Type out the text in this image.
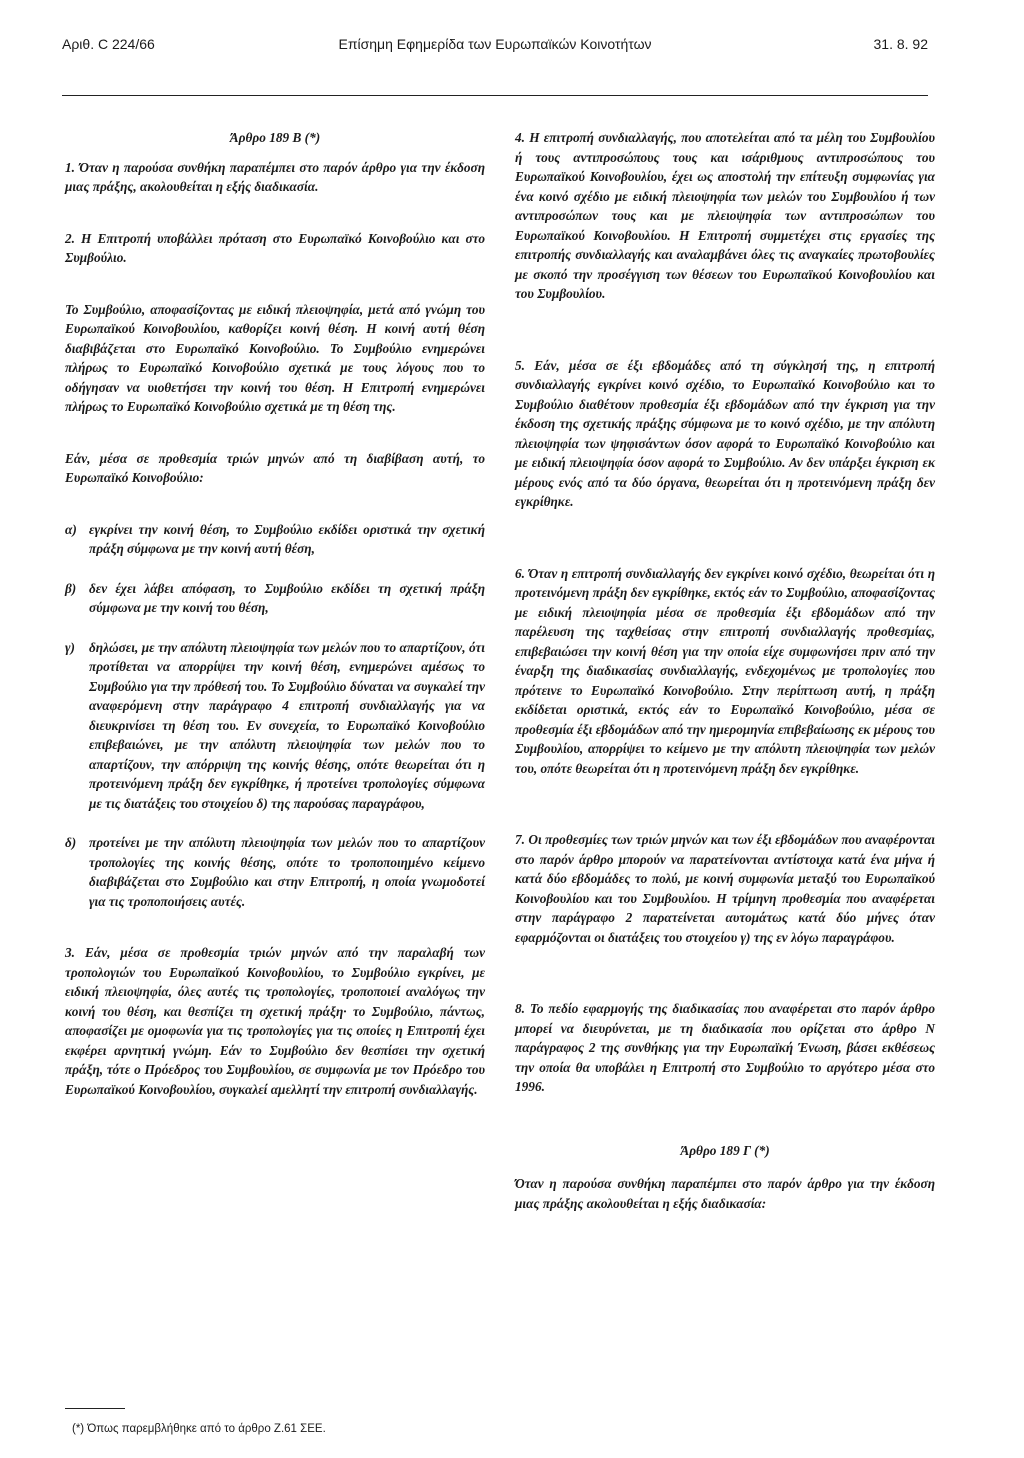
Αριθ. C 224/66	Επίσημη Εφημερίδα των Ευρωπαϊκών Κοινοτήτων	31. 8. 92

Άρθρο 189 Β (*)

1. Όταν η παρούσα συνθήκη παραπέμπει στο παρόν άρθρο για την έκδοση μιας πράξης, ακολουθείται η εξής διαδικασία.

2. Η Επιτροπή υποβάλλει πρόταση στο Ευρωπαϊκό Κοινοβούλιο και στο Συμβούλιο.

Το Συμβούλιο, αποφασίζοντας με ειδική πλειοψηφία, μετά από γνώμη του Ευρωπαϊκού Κοινοβουλίου, καθορίζει κοινή θέση. Η κοινή αυτή θέση διαβιβάζεται στο Ευρωπαϊκό Κοινοβούλιο. Το Συμβούλιο ενημερώνει πλήρως το Ευρωπαϊκό Κοινοβούλιο σχετικά με τους λόγους που το οδήγησαν να υιοθετήσει την κοινή του θέση. Η Επιτροπή ενημερώνει πλήρως το Ευρωπαϊκό Κοινοβούλιο σχετικά με τη θέση της.

Εάν, μέσα σε προθεσμία τριών μηνών από τη διαβίβαση αυτή, το Ευρωπαϊκό Κοινοβούλιο:

α) εγκρίνει την κοινή θέση, το Συμβούλιο εκδίδει οριστικά την σχετική πράξη σύμφωνα με την κοινή αυτή θέση,
β) δεν έχει λάβει απόφαση, το Συμβούλιο εκδίδει τη σχετική πράξη σύμφωνα με την κοινή του θέση,
γ)	δηλώσει, με την απόλυτη πλειοψηφία των μελών που το απαρτίζουν, ότι προτίθεται να απορρίψει την κοινή θέση, ενημερώνει αμέσως το Συμβούλιο για την πρόθεσή του. Το Συμβούλιο δύναται να συγκαλεί την αναφερόμενη στην παράγραφο 4 επιτροπή συνδιαλλαγής για να διευκρινίσει τη θέση του. Εν συνεχεία, το Ευρωπαϊκό Κοινοβούλιο επιβεβαιώνει, με την απόλυτη πλειοψηφία των μελών που το απαρτίζουν, την απόρριψη της κοινής θέσης, οπότε θεωρείται ότι η προτεινόμενη πράξη δεν εγκρίθηκε, ή προτείνει τροπολογίες σύμφωνα με τις διατάξεις του στοιχείου δ) της παρούσας παραγράφου,
δ) προτείνει με την απόλυτη πλειοψηφία των μελών που το απαρτίζουν τροπολογίες της κοινής θέσης, οπότε το τροποποιημένο κείμενο διαβιβάζεται στο Συμβούλιο και στην Επιτροπή, η οποία γνωμοδοτεί για τις τροποποιήσεις αυτές.

3. Εάν, μέσα σε προθεσμία τριών μηνών από την παραλαβή των τροπολογιών του Ευρωπαϊκού Κοινοβουλίου, το Συμβούλιο εγκρίνει, με ειδική πλειοψηφία, όλες αυτές τις τροπολογίες, τροποποιεί αναλόγως την κοινή του θέση, και θεσπίζει τη σχετική πράξη· το Συμβούλιο, πάντως, αποφασίζει με ομοφωνία για τις τροπολογίες για τις οποίες η Επιτροπή έχει εκφέρει αρνητική γνώμη. Εάν το Συμβούλιο δεν θεσπίσει την σχετική πράξη, τότε ο Πρόεδρος του Συμβουλίου, σε συμφωνία με τον Πρόεδρο του Ευρωπαϊκού Κοινοβουλίου, συγκαλεί αμελλητί την επιτροπή συνδιαλλαγής.

4. Η επιτροπή συνδιαλλαγής, που αποτελείται από τα μέλη του Συμβουλίου ή τους αντιπροσώπους τους και ισάριθμους αντιπροσώπους του Ευρωπαϊκού Κοινοβουλίου, έχει ως αποστολή την επίτευξη συμφωνίας για ένα κοινό σχέδιο με ειδική πλειοψηφία των μελών του Συμβουλίου ή των αντιπροσώπων τους και με πλειοψηφία των αντιπροσώπων του Ευρωπαϊκού Κοινοβουλίου. Η Επιτροπή συμμετέχει στις εργασίες της επιτροπής συνδιαλλαγής και αναλαμβάνει όλες τις αναγκαίες πρωτοβουλίες με σκοπό την προσέγγιση των θέσεων του Ευρωπαϊκού Κοινοβουλίου και του Συμβουλίου.

5. Εάν, μέσα σε έξι εβδομάδες από τη σύγκλησή της, η επιτροπή συνδιαλλαγής εγκρίνει κοινό σχέδιο, το Ευρωπαϊκό Κοινοβούλιο και το Συμβούλιο διαθέτουν προθεσμία έξι εβδομάδων από την έγκριση για την έκδοση της σχετικής πράξης σύμφωνα με το κοινό σχέδιο, με την απόλυτη πλειοψηφία των ψηφισάντων όσον αφορά το Ευρωπαϊκό Κοινοβούλιο και με ειδική πλειοψηφία όσον αφορά το Συμβούλιο. Αν δεν υπάρξει έγκριση εκ μέρους ενός από τα δύο όργανα, θεωρείται ότι η προτεινόμενη πράξη δεν εγκρίθηκε.

6. Όταν η επιτροπή συνδιαλλαγής δεν εγκρίνει κοινό σχέδιο, θεωρείται ότι η προτεινόμενη πράξη δεν εγκρίθηκε, εκτός εάν το Συμβούλιο, αποφασίζοντας με ειδική πλειοψηφία μέσα σε προθεσμία έξι εβδομάδων από την παρέλευση της ταχθείσας στην επιτροπή συνδιαλλαγής προθεσμίας, επιβεβαιώσει την κοινή θέση για την οποία είχε συμφωνήσει πριν από την έναρξη της διαδικασίας συνδιαλλαγής, ενδεχομένως με τροπολογίες που πρότεινε το Ευρωπαϊκό Κοινοβούλιο. Στην περίπτωση αυτή, η πράξη εκδίδεται οριστικά, εκτός εάν το Ευρωπαϊκό Κοινοβούλιο, μέσα σε προθεσμία έξι εβδομάδων από την ημερομηνία επιβεβαίωσης εκ μέρους του Συμβουλίου, απορρίψει το κείμενο με την απόλυτη πλειοψηφία των μελών του, οπότε θεωρείται ότι η προτεινόμενη πράξη δεν εγκρίθηκε.

7. Οι προθεσμίες των τριών μηνών και των έξι εβδομάδων που αναφέρονται στο παρόν άρθρο μπορούν να παρατείνονται αντίστοιχα κατά ένα μήνα ή κατά δύο εβδομάδες το πολύ, με κοινή συμφωνία μεταξύ του Ευρωπαϊκού Κοινοβουλίου και του Συμβουλίου. Η τρίμηνη προθεσμία που αναφέρεται στην παράγραφο 2 παρατείνεται αυτομάτως κατά δύο μήνες όταν εφαρμόζονται οι διατάξεις του στοιχείου γ) της εν λόγω παραγράφου.

8. Το πεδίο εφαρμογής της διαδικασίας που αναφέρεται στο παρόν άρθρο μπορεί να διευρύνεται, με τη διαδικασία που ορίζεται στο άρθρο Ν παράγραφος 2 της συνθήκης για την Ευρωπαϊκή Ένωση, βάσει εκθέσεως την οποία θα υποβάλει η Επιτροπή στο Συμβούλιο το αργότερο μέσα στο 1996.

Άρθρο 189 Γ (*)

Όταν η παρούσα συνθήκη παραπέμπει στο παρόν άρθρο για την έκδοση μιας πράξης ακολουθείται η εξής διαδικασία:

(*) Όπως παρεμβλήθηκε από το άρθρο Ζ.61 ΣΕΕ.
